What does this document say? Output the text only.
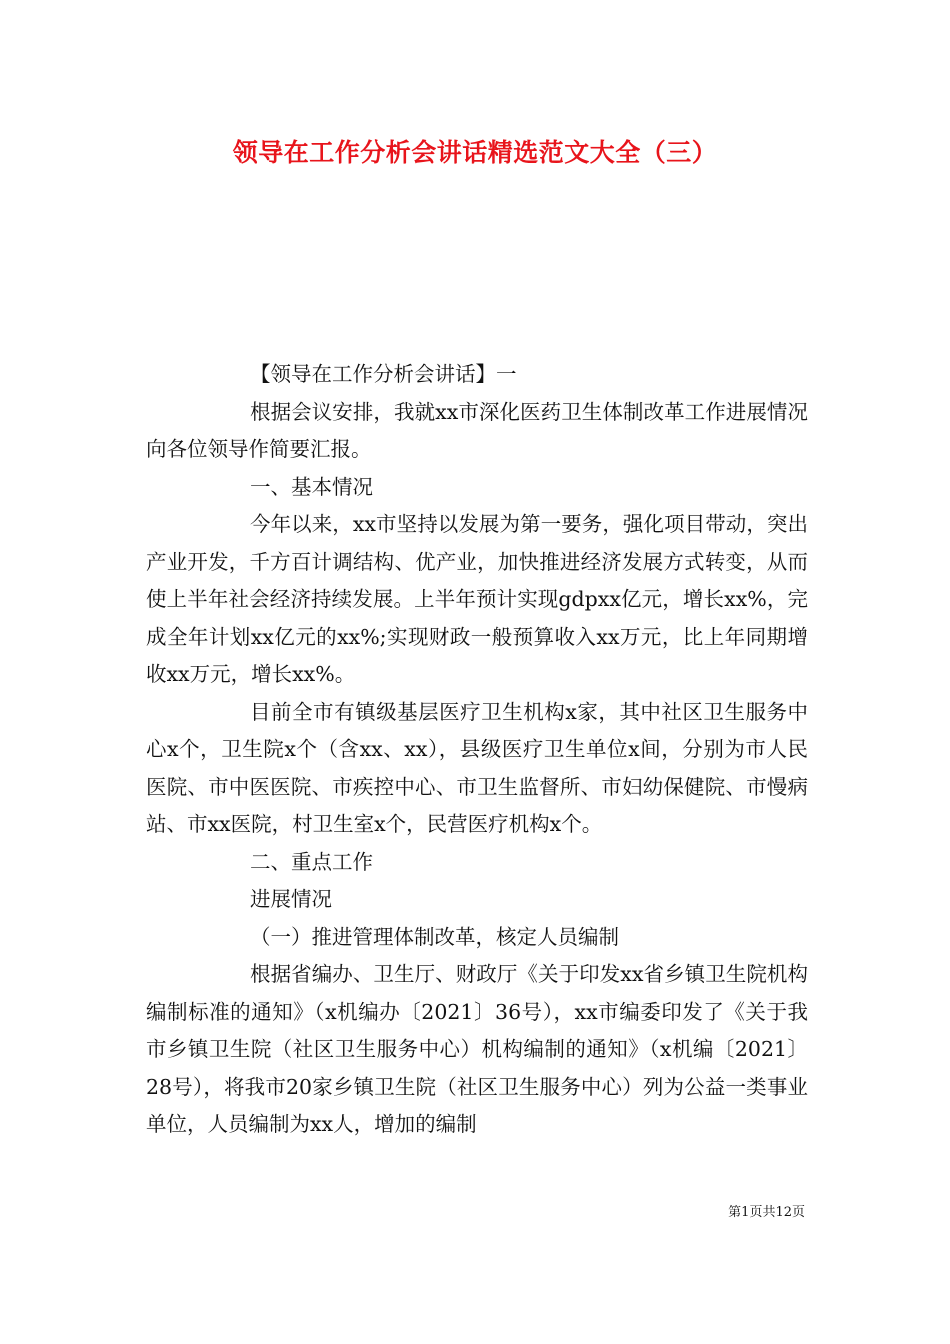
领导在工作分析会讲话精选范文大全（三）

【领导在工作分析会讲话】一

根据会议安排，我就xx市深化医药卫生体制改革工作进展情况向各位领导作简要汇报。

一、基本情况

今年以来，xx市坚持以发展为第一要务，强化项目带动，突出产业开发，千方百计调结构、优产业，加快推进经济发展方式转变，从而使上半年社会经济持续发展。上半年预计实现gdpxx亿元，增长xx%，完成全年计划xx亿元的xx%;实现财政一般预算收入xx万元，比上年同期增收xx万元，增长xx%。

目前全市有镇级基层医疗卫生机构x家，其中社区卫生服务中心x个，卫生院x个（含xx、xx），县级医疗卫生单位x间，分别为市人民医院、市中医医院、市疾控中心、市卫生监督所、市妇幼保健院、市慢病站、市xx医院，村卫生室x个，民营医疗机构x个。

二、重点工作

进展情况

（一）推进管理体制改革，核定人员编制

根据省编办、卫生厅、财政厅《关于印发xx省乡镇卫生院机构编制标准的通知》（x机编办〔2021〕36号），xx市编委印发了《关于我市乡镇卫生院（社区卫生服务中心）机构编制的通知》（x机编〔2021〕28号），将我市20家乡镇卫生院（社区卫生服务中心）列为公益一类事业单位，人员编制为xx人，增加的编制

第1页共12页
